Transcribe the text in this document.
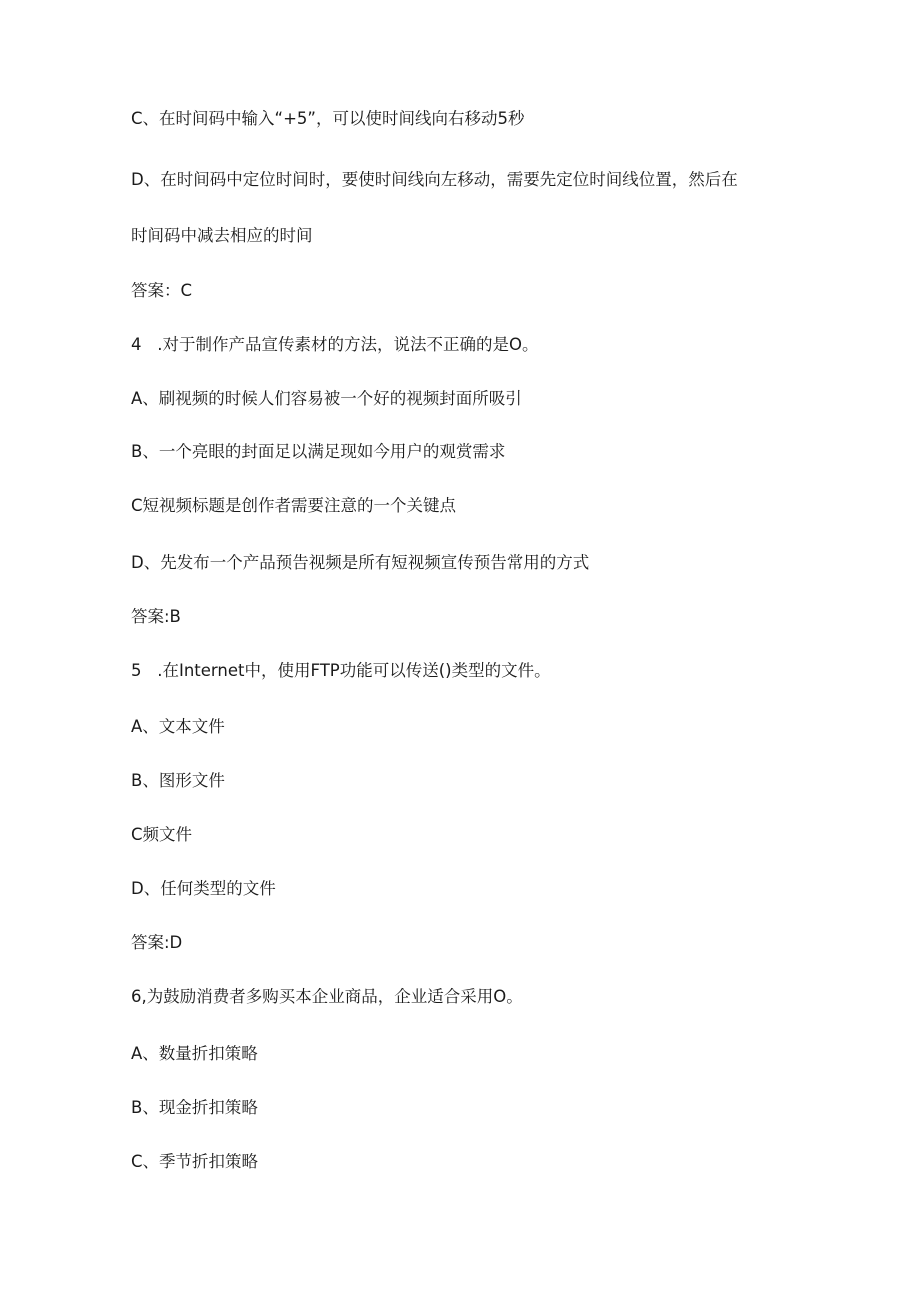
C、在时间码中输入“+5”，可以使时间线向右移动5秒
D、在时间码中定位时间时，要使时间线向左移动，需要先定位时间线位置，然后在
时间码中减去相应的时间
答案：C
4   .对于制作产品宣传素材的方法，说法不正确的是O。
A、刷视频的时候人们容易被一个好的视频封面所吸引
B、一个亮眼的封面足以满足现如今用户的观赏需求
C短视频标题是创作者需要注意的一个关键点
D、先发布一个产品预告视频是所有短视频宣传预告常用的方式
答案:B
5   .在Internet中，使用FTP功能可以传送()类型的文件。
A、文本文件
B、图形文件
C频文件
D、任何类型的文件
答案:D
6,为鼓励消费者多购买本企业商品，企业适合采用O。
A、数量折扣策略
B、现金折扣策略
C、季节折扣策略
